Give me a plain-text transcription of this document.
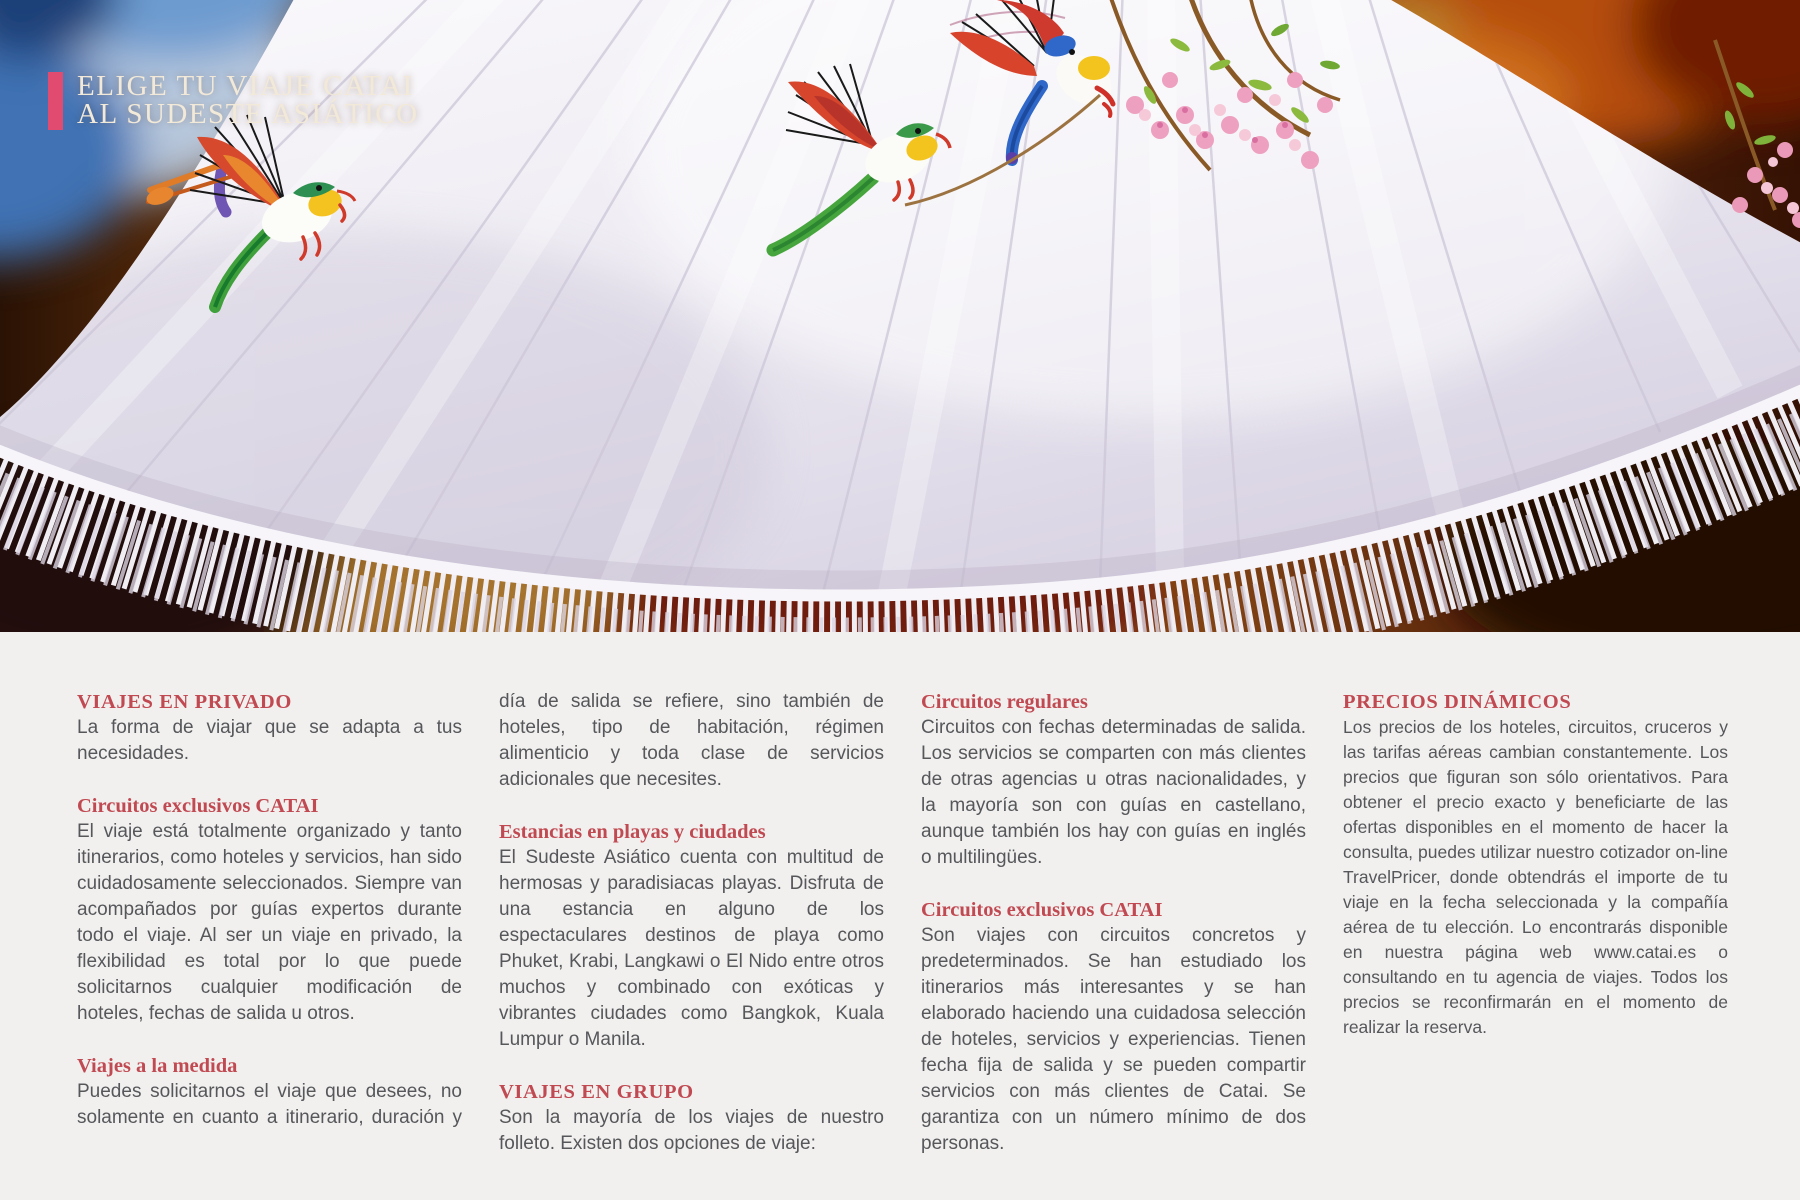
ELIGE TU VIAJE CATAI
AL SUDESTE ASIÁTICO
VIAJES EN PRIVADO

La forma de viajar que se adapta a tus necesidades.

Circuitos exclusivos CATAI

El viaje está totalmente organizado y tanto itinerarios, como hoteles y servicios, han sido cuidadosamente seleccionados. Siempre van acompañados por guías expertos durante todo el viaje. Al ser un viaje en privado, la flexibilidad es total por lo que puede solicitarnos cualquier modificación de hoteles, fechas de salida u otros.

Viajes a la medida

Puedes solicitarnos el viaje que desees, no solamente en cuanto a itinerario, duración y

día de salida se refiere, sino también de hoteles, tipo de habitación, régimen alimenticio y toda clase de servicios adicionales que necesites.

Estancias en playas y ciudades

El Sudeste Asiático cuenta con multitud de hermosas y paradisiacas playas. Disfruta de una estancia en alguno de los espectaculares destinos de playa como Phuket, Krabi, Langkawi o El Nido entre otros muchos y combinado con exóticas y vibrantes ciudades como Bangkok, Kuala Lumpur o Manila.

VIAJES EN GRUPO

Son la mayoría de los viajes de nuestro folleto. Existen dos opciones de viaje:

Circuitos regulares

Circuitos con fechas determinadas de salida. Los servicios se comparten con más clientes de otras agencias u otras nacionalidades, y la mayoría son con guías en castellano, aunque también los hay con guías en inglés o multilingües.

Circuitos exclusivos CATAI

Son viajes con circuitos concretos y predeterminados. Se han estudiado los itinerarios más interesantes y se han elaborado haciendo una cuidadosa selección de hoteles, servicios y experiencias. Tienen fecha fija de salida y se pueden compartir servicios con más clientes de Catai. Se garantiza con un número mínimo de dos personas.

PRECIOS DINÁMICOS

Los precios de los hoteles, circuitos, cruceros y las tarifas aéreas cambian constantemente. Los precios que figuran son sólo orientativos. Para obtener el precio exacto y beneficiarte de las ofertas disponibles en el momento de hacer la consulta, puedes utilizar nuestro cotizador on-line TravelPricer, donde obtendrás el importe de tu viaje en la fecha seleccionada y la compañía aérea de tu elección. Lo encontrarás disponible en nuestra página web www.catai.es o consultando en tu agencia de viajes. Todos los precios se reconfirmarán en el momento de realizar la reserva.
